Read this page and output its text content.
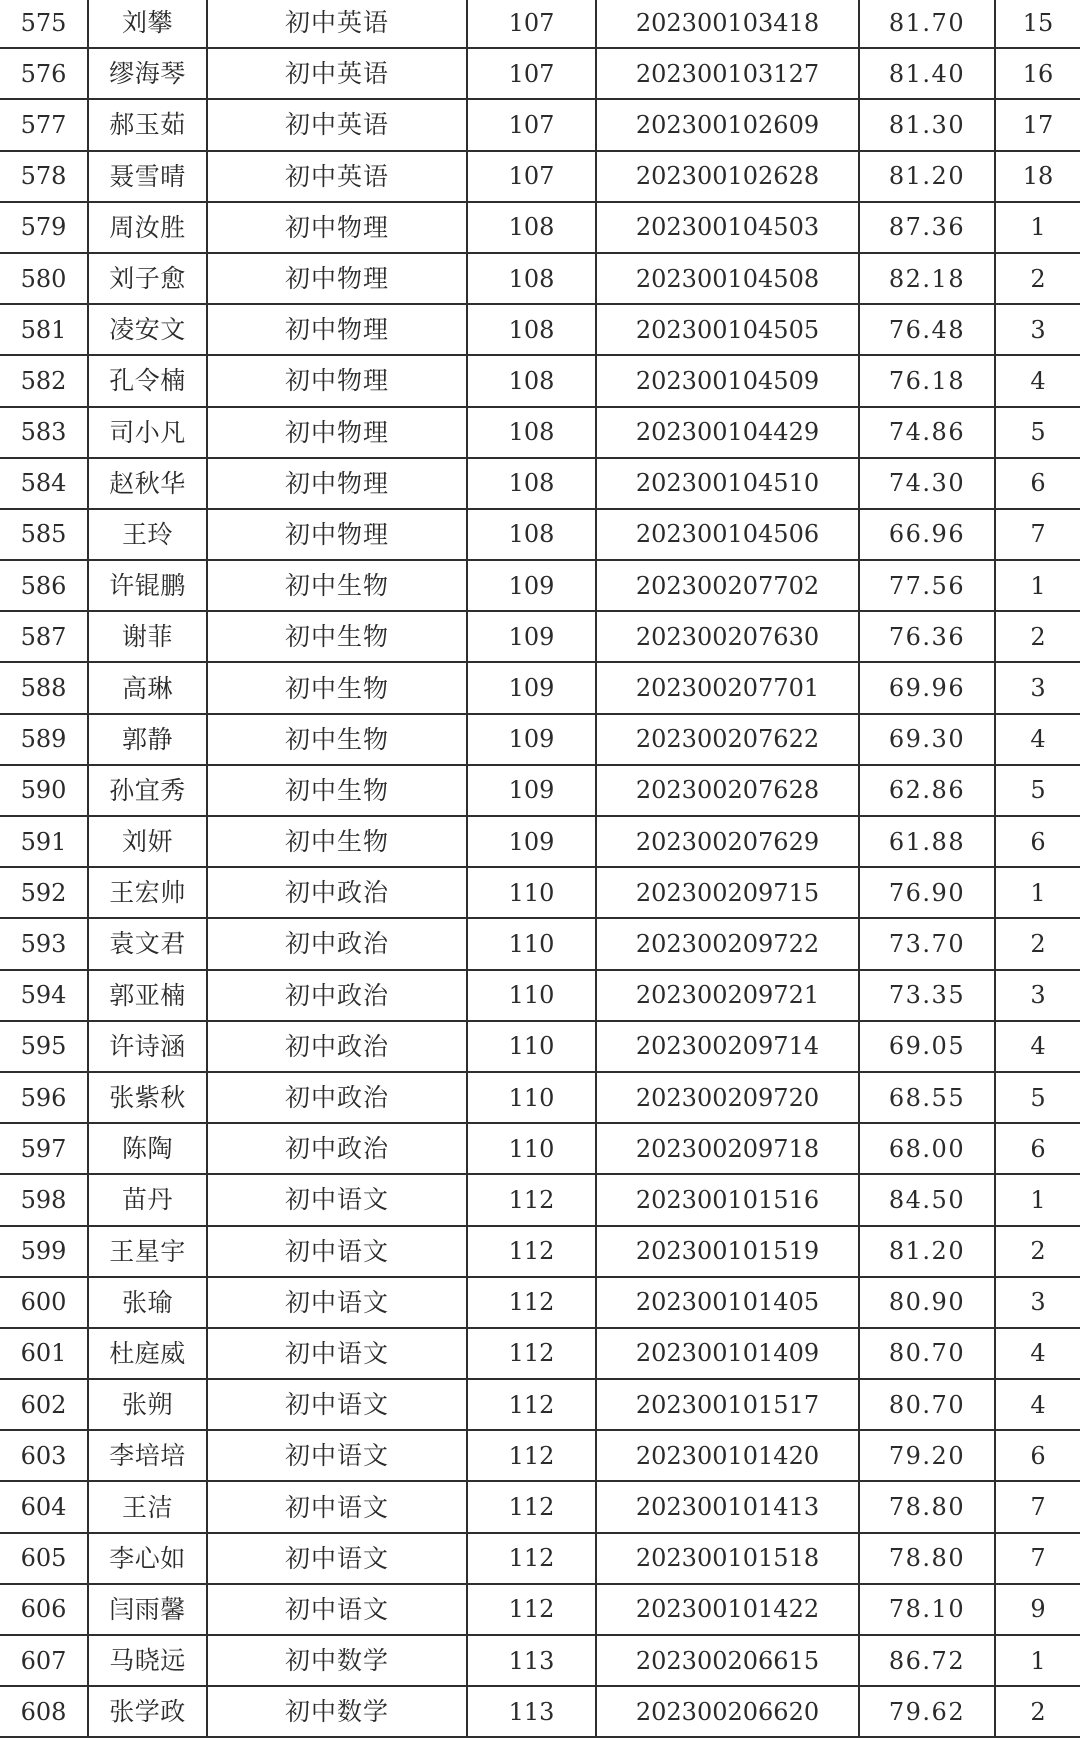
575	刘攀	初中英语	107	202300103418	81.70	15
576	缪海琴	初中英语	107	202300103127	81.40	16
577	郝玉茹	初中英语	107	202300102609	81.30	17
578	聂雪晴	初中英语	107	202300102628	81.20	18
579	周汝胜	初中物理	108	202300104503	87.36	1
580	刘子愈	初中物理	108	202300104508	82.18	2
581	凌安文	初中物理	108	202300104505	76.48	3
582	孔令楠	初中物理	108	202300104509	76.18	4
583	司小凡	初中物理	108	202300104429	74.86	5
584	赵秋华	初中物理	108	202300104510	74.30	6
585	王玲	初中物理	108	202300104506	66.96	7
586	许锟鹏	初中生物	109	202300207702	77.56	1
587	谢菲	初中生物	109	202300207630	76.36	2
588	高琳	初中生物	109	202300207701	69.96	3
589	郭静	初中生物	109	202300207622	69.30	4
590	孙宜秀	初中生物	109	202300207628	62.86	5
591	刘妍	初中生物	109	202300207629	61.88	6
592	王宏帅	初中政治	110	202300209715	76.90	1
593	袁文君	初中政治	110	202300209722	73.70	2
594	郭亚楠	初中政治	110	202300209721	73.35	3
595	许诗涵	初中政治	110	202300209714	69.05	4
596	张紫秋	初中政治	110	202300209720	68.55	5
597	陈陶	初中政治	110	202300209718	68.00	6
598	苗丹	初中语文	112	202300101516	84.50	1
599	王星宇	初中语文	112	202300101519	81.20	2
600	张瑜	初中语文	112	202300101405	80.90	3
601	杜庭威	初中语文	112	202300101409	80.70	4
602	张朔	初中语文	112	202300101517	80.70	4
603	李培培	初中语文	112	202300101420	79.20	6
604	王洁	初中语文	112	202300101413	78.80	7
605	李心如	初中语文	112	202300101518	78.80	7
606	闫雨馨	初中语文	112	202300101422	78.10	9
607	马晓远	初中数学	113	202300206615	86.72	1
608	张学政	初中数学	113	202300206620	79.62	2
